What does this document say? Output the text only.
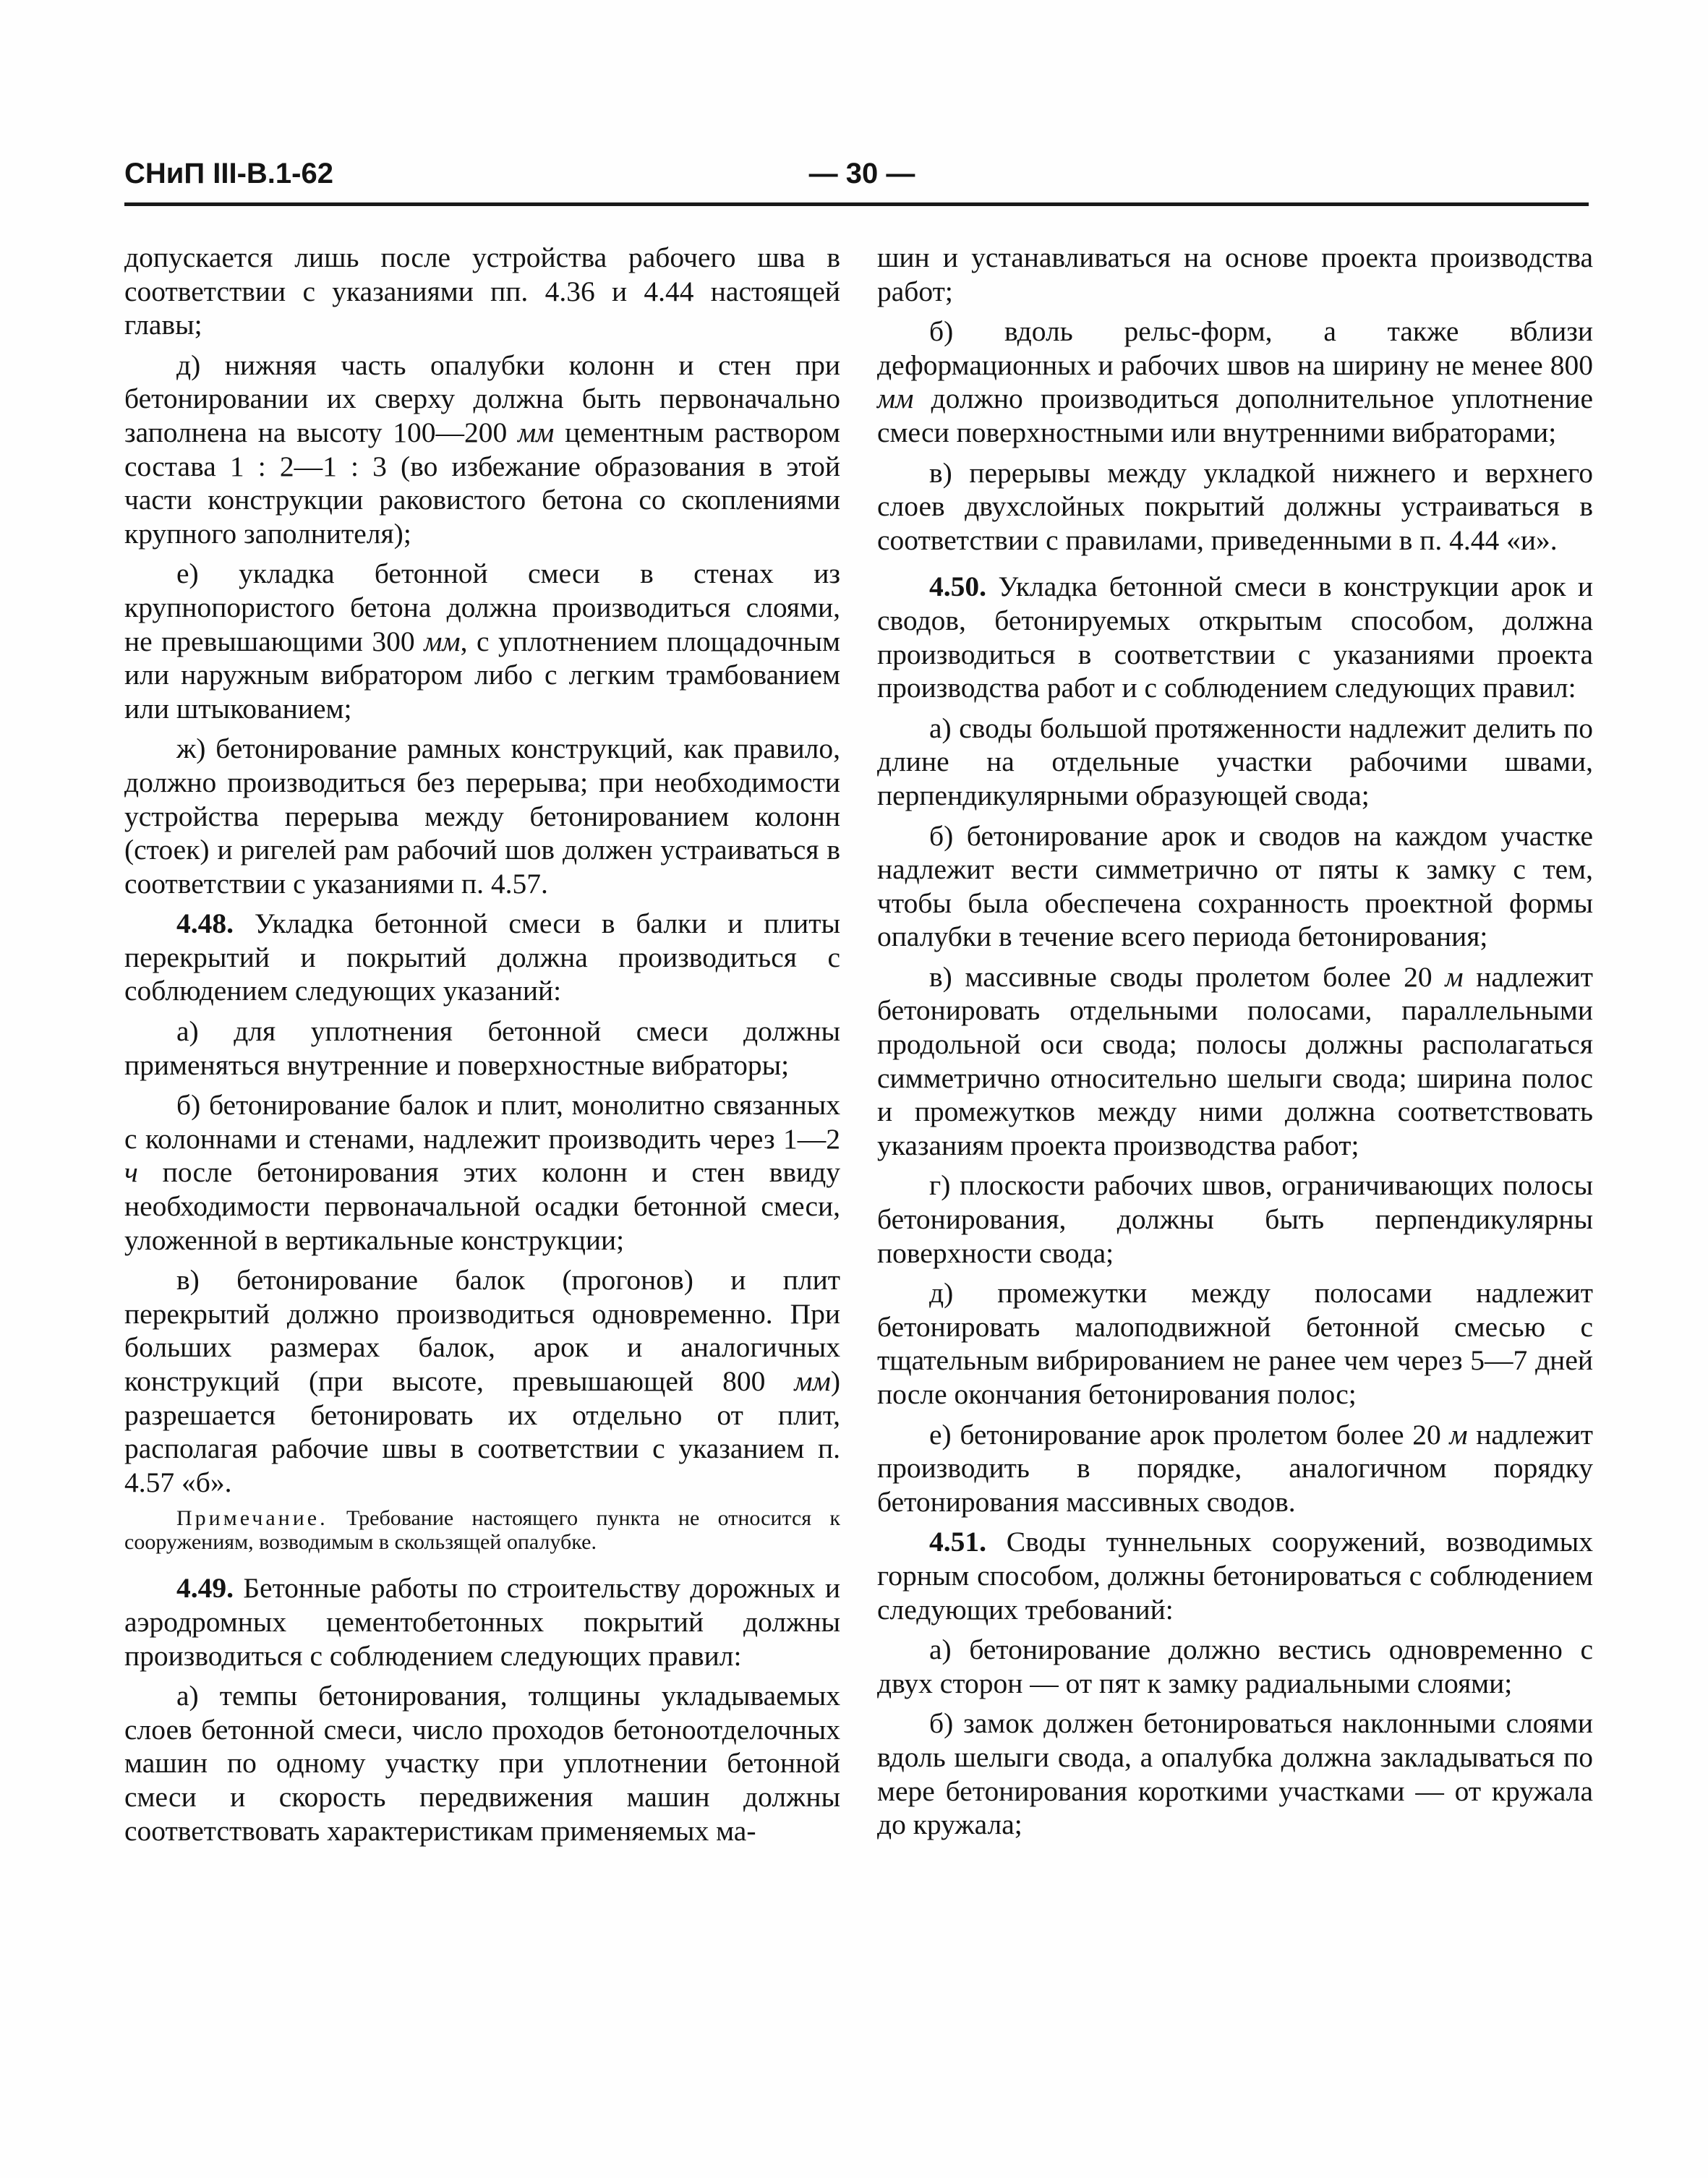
СНиП III-В.1-62	— 30 —

допускается лишь после устройства рабочего шва в соответствии с указаниями пп. 4.36 и 4.44 настоящей главы;

д) нижняя часть опалубки колонн и стен при бетонировании их сверху должна быть первоначально заполнена на высоту 100—200 мм цементным раствором состава 1 : 2—1 : 3 (во избежание образования в этой части конструкции раковистого бетона со скоплениями крупного заполнителя);

е) укладка бетонной смеси в стенах из крупнопористого бетона должна производиться слоями, не превышающими 300 мм, с уплотнением площадочным или наружным вибратором либо с легким трамбованием или штыкованием;

ж) бетонирование рамных конструкций, как правило, должно производиться без перерыва; при необходимости устройства перерыва между бетонированием колонн (стоек) и ригелей рам рабочий шов должен устраиваться в соответствии с указаниями п. 4.57.

4.48. Укладка бетонной смеси в балки и плиты перекрытий и покрытий должна производиться с соблюдением следующих указаний:

а) для уплотнения бетонной смеси должны применяться внутренние и поверхностные вибраторы;

б) бетонирование балок и плит, монолитно связанных с колоннами и стенами, надлежит производить через 1—2 ч после бетонирования этих колонн и стен ввиду необходимости первоначальной осадки бетонной смеси, уложенной в вертикальные конструкции;

в) бетонирование балок (прогонов) и плит перекрытий должно производиться одновременно. При больших размерах балок, арок и аналогичных конструкций (при высоте, превышающей 800 мм) разрешается бетонировать их отдельно от плит, располагая рабочие швы в соответствии с указанием п. 4.57 «б».

Примечание. Требование настоящего пункта не относится к сооружениям, возводимым в скользящей опалубке.

4.49. Бетонные работы по строительству дорожных и аэродромных цементобетонных покрытий должны производиться с соблюдением следующих правил:

а) темпы бетонирования, толщины укладываемых слоев бетонной смеси, число проходов бетоноотделочных машин по одному участку при уплотнении бетонной смеси и скорость передвижения машин должны соответствовать характеристикам применяемых ма-

шин и устанавливаться на основе проекта производства работ;

б) вдоль рельс-форм, а также вблизи деформационных и рабочих швов на ширину не менее 800 мм должно производиться дополнительное уплотнение смеси поверхностными или внутренними вибраторами;

в) перерывы между укладкой нижнего и верхнего слоев двухслойных покрытий должны устраиваться в соответствии с правилами, приведенными в п. 4.44 «и».

4.50. Укладка бетонной смеси в конструкции арок и сводов, бетонируемых открытым способом, должна производиться в соответствии с указаниями проекта производства работ и с соблюдением следующих правил:

а) своды большой протяженности надлежит делить по длине на отдельные участки рабочими швами, перпендикулярными образующей свода;

б) бетонирование арок и сводов на каждом участке надлежит вести симметрично от пяты к замку с тем, чтобы была обеспечена сохранность проектной формы опалубки в течение всего периода бетонирования;

в) массивные своды пролетом более 20 м надлежит бетонировать отдельными полосами, параллельными продольной оси свода; полосы должны располагаться симметрично относительно шелыги свода; ширина полос и промежутков между ними должна соответствовать указаниям проекта производства работ;

г) плоскости рабочих швов, ограничивающих полосы бетонирования, должны быть перпендикулярны поверхности свода;

д) промежутки между полосами надлежит бетонировать малоподвижной бетонной смесью с тщательным вибрированием не ранее чем через 5—7 дней после окончания бетонирования полос;

е) бетонирование арок пролетом более 20 м надлежит производить в порядке, аналогичном порядку бетонирования массивных сводов.

4.51. Своды туннельных сооружений, возводимых горным способом, должны бетонироваться с соблюдением следующих требований:

а) бетонирование должно вестись одновременно с двух сторон — от пят к замку радиальными слоями;

б) замок должен бетонироваться наклонными слоями вдоль шелыги свода, а опалубка должна закладываться по мере бетонирования короткими участками — от кружала до кружала;
